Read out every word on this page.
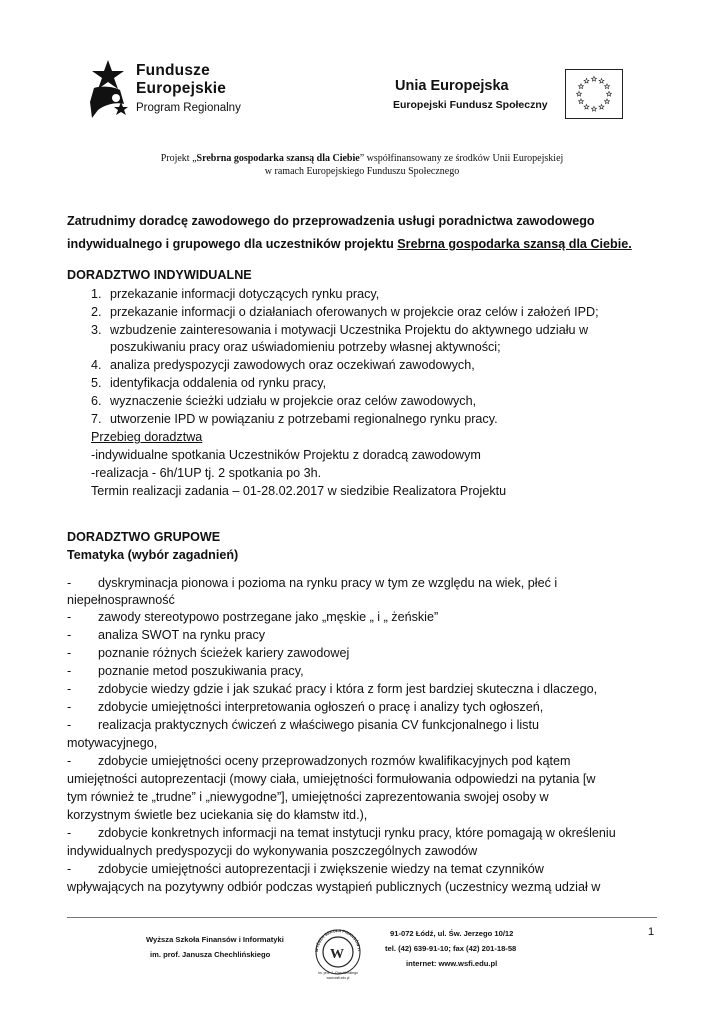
Fundusze
Europejskie
Program Regionalny
Unia Europejska
Europejski Fundusz Społeczny
Projekt „Srebrna gospodarka szansą dla Ciebie” współfinansowany ze środków Unii Europejskiej
w ramach Europejskiego Funduszu Społecznego
Zatrudnimy doradcę zawodowego do przeprowadzenia usługi poradnictwa zawodowego
indywidualnego i grupowego dla uczestników projektu Srebrna gospodarka szansą dla Ciebie.
DORADZTWO INDYWIDUALNE
1. przekazanie informacji dotyczących rynku pracy,
2. przekazanie informacji o działaniach oferowanych w projekcie oraz celów i założeń IPD;
3. wzbudzenie zainteresowania i motywacji Uczestnika Projektu do aktywnego udziału w
poszukiwaniu pracy oraz uświadomieniu potrzeby własnej aktywności;
4. analiza predyspozycji zawodowych oraz oczekiwań zawodowych,
5. identyfikacja oddalenia od rynku pracy,
6. wyznaczenie ścieżki udziału w projekcie oraz celów zawodowych,
7. utworzenie IPD w powiązaniu z potrzebami regionalnego rynku pracy.
Przebieg doradztwa
-indywidualne spotkania Uczestników Projektu z doradcą zawodowym
-realizacja - 6h/1UP tj. 2 spotkania po 3h.
Termin realizacji zadania – 01-28.02.2017 w siedzibie Realizatora Projektu
DORADZTWO GRUPOWE
Tematyka (wybór zagadnień)
- dyskryminacja pionowa i pozioma na rynku pracy w tym ze względu na wiek, płeć i
niepełnosprawność
- zawody stereotypowo postrzegane jako „męskie „ i „ żeńskie”
- analiza SWOT na rynku pracy
- poznanie różnych ścieżek kariery zawodowej
- poznanie metod poszukiwania pracy,
- zdobycie wiedzy gdzie i jak szukać pracy i która z form jest bardziej skuteczna i dlaczego,
- zdobycie umiejętności interpretowania ogłoszeń o pracę i analizy tych ogłoszeń,
- realizacja praktycznych ćwiczeń z właściwego pisania CV funkcjonalnego i listu
motywacyjnego,
- zdobycie umiejętności oceny przeprowadzonych rozmów kwalifikacyjnych pod kątem
umiejętności autoprezentacji (mowy ciała, umiejętności formułowania odpowiedzi na pytania [w
tym również te „trudne” i „niewygodne”], umiejętności zaprezentowania swojej osoby w
korzystnym świetle bez uciekania się do kłamstw itd.),
- zdobycie konkretnych informacji na temat instytucji rynku pracy, które pomagają w określeniu
indywidualnych predyspozycji do wykonywania poszczególnych zawodów
- zdobycie umiejętności autoprezentacji i zwiększenie wiedzy na temat czynników
wpływających na pozytywny odbiór podczas wystąpień publicznych (uczestnicy wezmą udział w
Wyższa Szkoła Finansów i Informatyki
im. prof. Janusza Chechlińskiego	WYŻSZA SZKOŁA FINANSÓW I I
W
im. prof. J. Chechlińskiego
www.wsfi.edu.pl
91-072 Łódź, ul. Św. Jerzego 10/12
tel. (42) 639-91-10; fax (42) 201-18-58
internet: www.wsfi.edu.pl
1
